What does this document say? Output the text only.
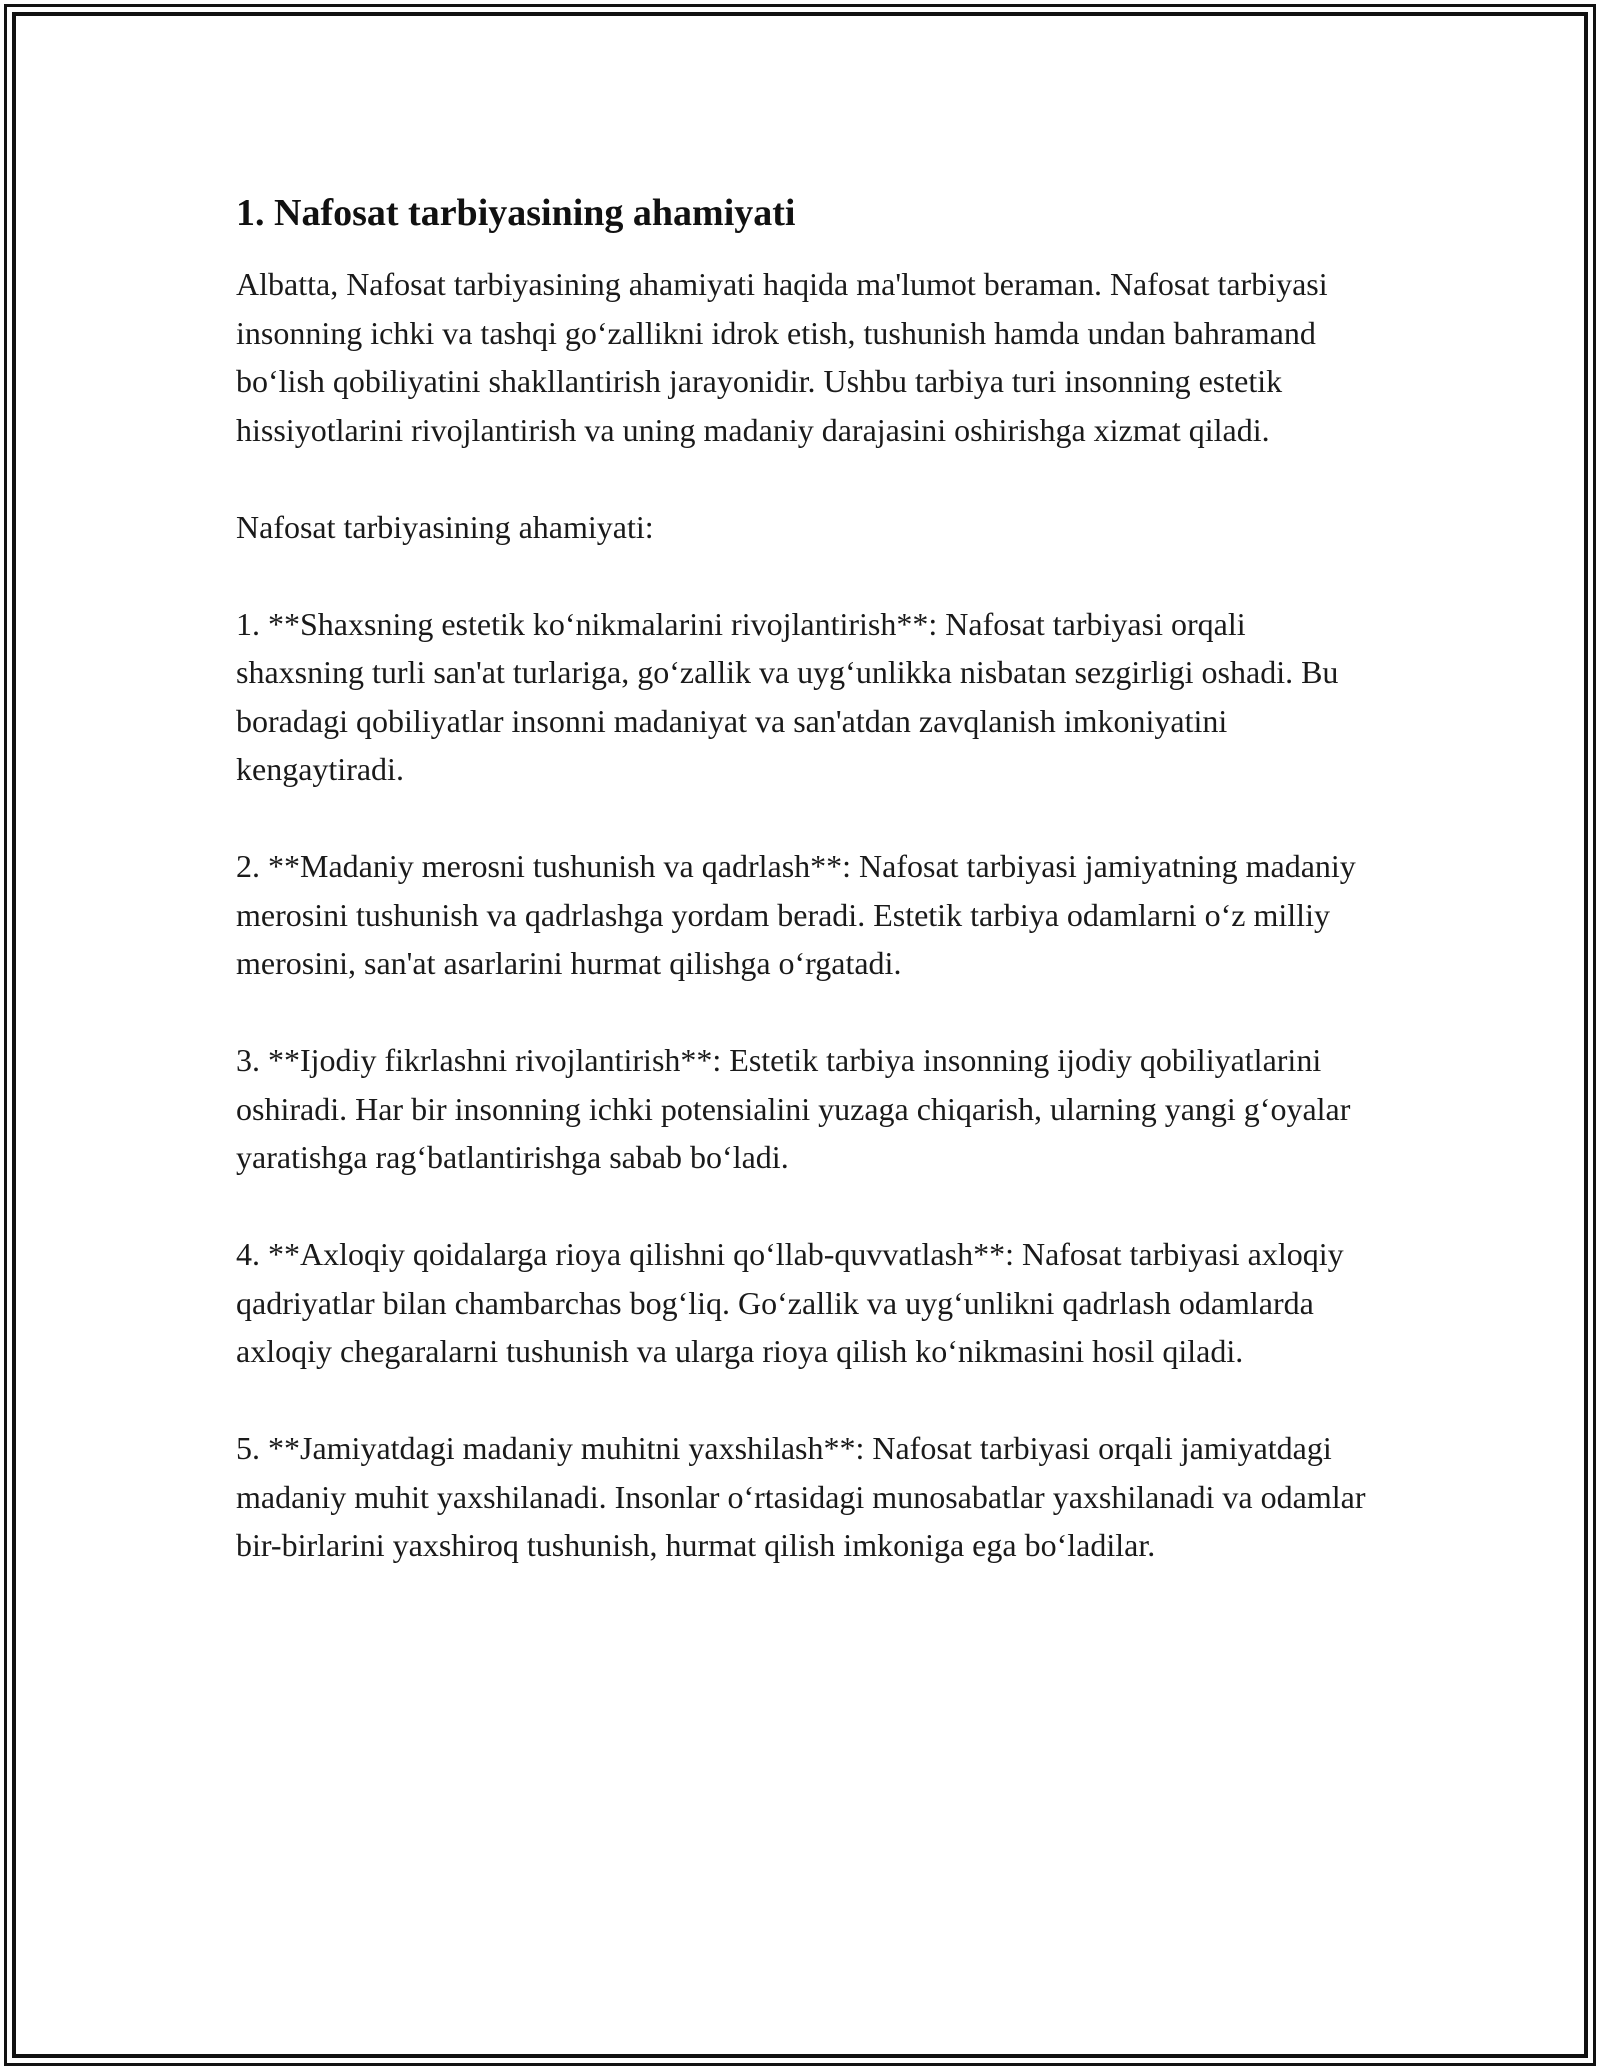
1. Nafosat tarbiyasining ahamiyati

Albatta, Nafosat tarbiyasining ahamiyati haqida ma'lumot beraman. Nafosat tarbiyasi insonning ichki va tashqi go‘zallikni idrok etish, tushunish hamda undan bahramand bo‘lish qobiliyatini shakllantirish jarayonidir. Ushbu tarbiya turi insonning estetik hissiyotlarini rivojlantirish va uning madaniy darajasini oshirishga xizmat qiladi.

Nafosat tarbiyasining ahamiyati:

1. **Shaxsning estetik ko‘nikmalarini rivojlantirish**: Nafosat tarbiyasi orqali shaxsning turli san'at turlariga, go‘zallik va uyg‘unlikka nisbatan sezgirligi oshadi. Bu boradagi qobiliyatlar insonni madaniyat va san'atdan zavqlanish imkoniyatini kengaytiradi.

2. **Madaniy merosni tushunish va qadrlash**: Nafosat tarbiyasi jamiyatning madaniy merosini tushunish va qadrlashga yordam beradi. Estetik tarbiya odamlarni o‘z milliy merosini, san'at asarlarini hurmat qilishga o‘rgatadi.

3. **Ijodiy fikrlashni rivojlantirish**: Estetik tarbiya insonning ijodiy qobiliyatlarini oshiradi. Har bir insonning ichki potensialini yuzaga chiqarish, ularning yangi g‘oyalar yaratishga rag‘batlantirishga sabab bo‘ladi.

4. **Axloqiy qoidalarga rioya qilishni qo‘llab-quvvatlash**: Nafosat tarbiyasi axloqiy qadriyatlar bilan chambarchas bog‘liq. Go‘zallik va uyg‘unlikni qadrlash odamlarda axloqiy chegaralarni tushunish va ularga rioya qilish ko‘nikmasini hosil qiladi.

5. **Jamiyatdagi madaniy muhitni yaxshilash**: Nafosat tarbiyasi orqali jamiyatdagi madaniy muhit yaxshilanadi. Insonlar o‘rtasidagi munosabatlar yaxshilanadi va odamlar bir-birlarini yaxshiroq tushunish, hurmat qilish imkoniga ega bo‘ladilar.
